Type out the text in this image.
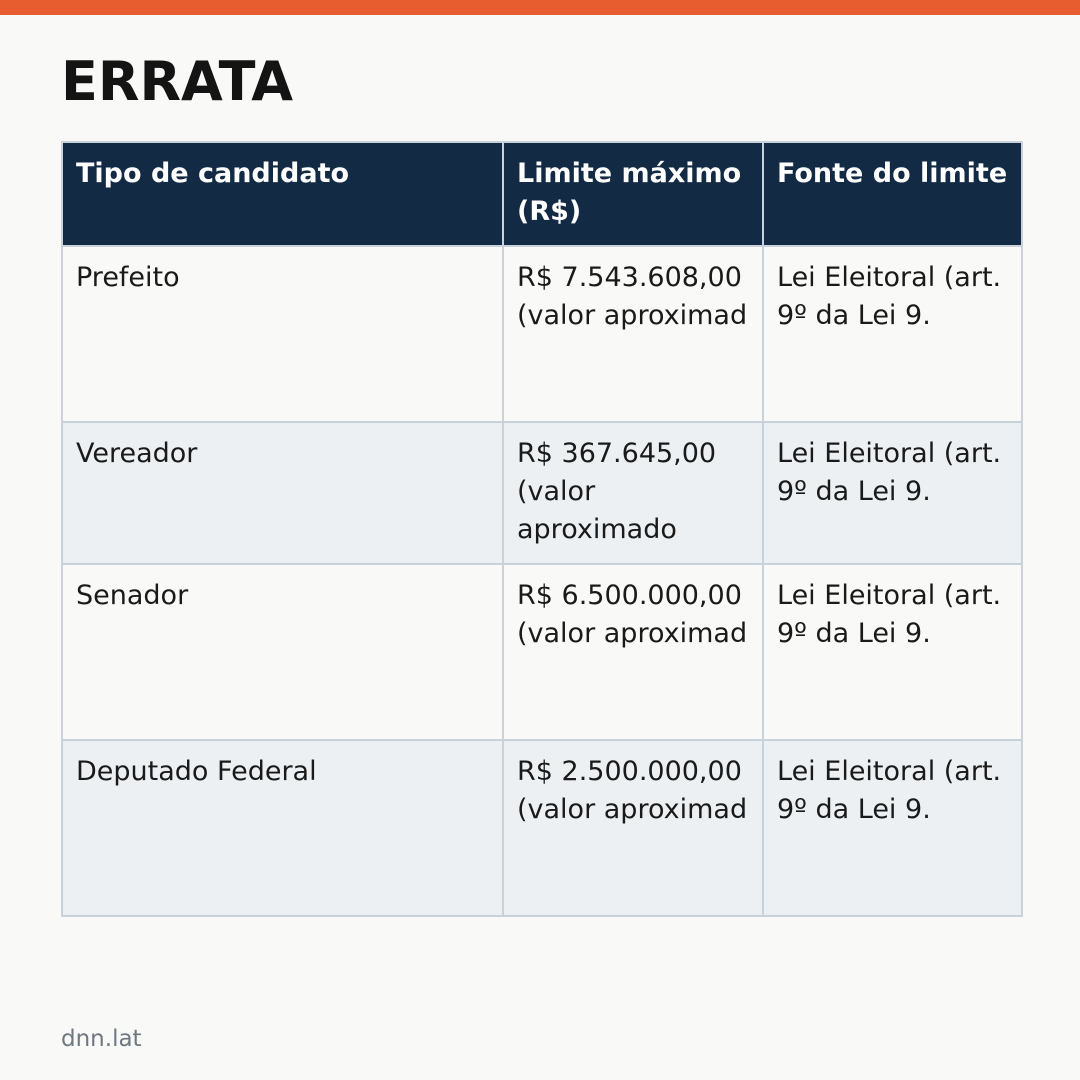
ERRATA
Tipo de candidato	Limite máximo (R$)	Fonte do limite
Prefeito	R$ 7.543.608,00 (valor aproximad	Lei Eleitoral (art. 9º da Lei 9.
Vereador	R$ 367.645,00 (valor aproximado	Lei Eleitoral (art. 9º da Lei 9.
Senador	R$ 6.500.000,00 (valor aproximad	Lei Eleitoral (art. 9º da Lei 9.
Deputado Federal	R$ 2.500.000,00 (valor aproximad	Lei Eleitoral (art. 9º da Lei 9.
dnn.lat
